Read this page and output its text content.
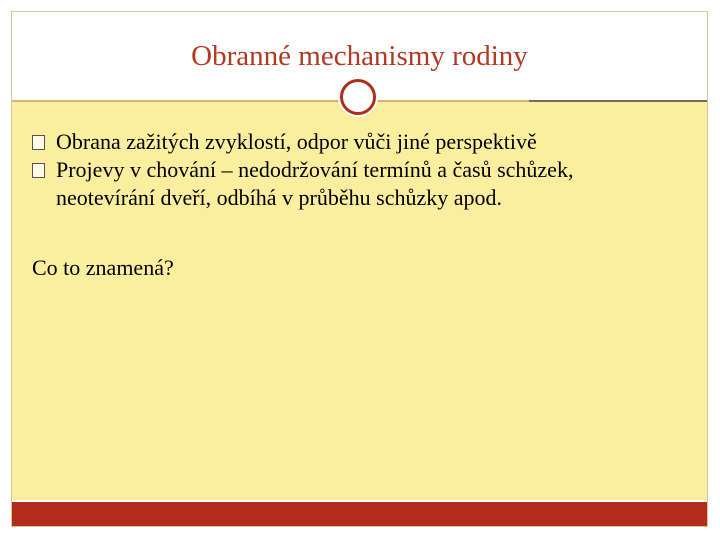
Obranné mechanismy rodiny
Obrana zažitých zvyklostí, odpor vůči jiné perspektivě
Projevy v chování – nedodržování termínů a časů schůzek, neotevírání dveří, odbíhá v průběhu schůzky apod.
Co to znamená?
